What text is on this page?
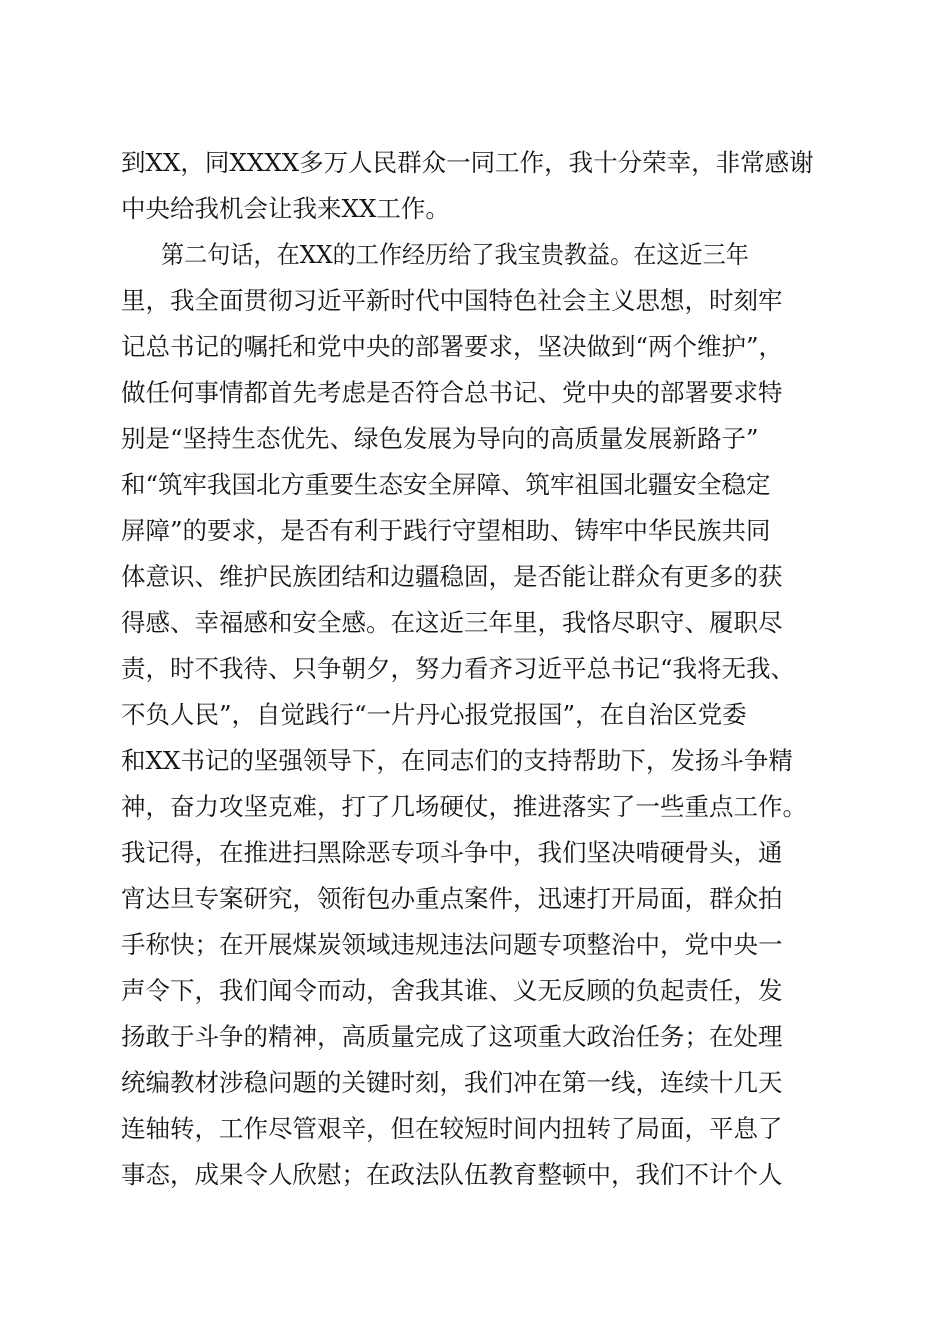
到XX，同XXXX多万人民群众一同工作，我十分荣幸，非常感谢
中央给我机会让我来XX工作。
第二句话，在XX的工作经历给了我宝贵教益。在这近三年
里，我全面贯彻习近平新时代中国特色社会主义思想，时刻牢
记总书记的嘱托和党中央的部署要求，坚决做到“两个维护”，
做任何事情都首先考虑是否符合总书记、党中央的部署要求特
别是“坚持生态优先、绿色发展为导向的高质量发展新路子”
和“筑牢我国北方重要生态安全屏障、筑牢祖国北疆安全稳定
屏障”的要求，是否有利于践行守望相助、铸牢中华民族共同
体意识、维护民族团结和边疆稳固，是否能让群众有更多的获
得感、幸福感和安全感。在这近三年里，我恪尽职守、履职尽
责，时不我待、只争朝夕，努力看齐习近平总书记“我将无我、
不负人民”，自觉践行“一片丹心报党报国”，在自治区党委
和XX书记的坚强领导下，在同志们的支持帮助下，发扬斗争精
神，奋力攻坚克难，打了几场硬仗，推进落实了一些重点工作。
我记得，在推进扫黑除恶专项斗争中，我们坚决啃硬骨头，通
宵达旦专案研究，领衔包办重点案件，迅速打开局面，群众拍
手称快；在开展煤炭领域违规违法问题专项整治中，党中央一
声令下，我们闻令而动，舍我其谁、义无反顾的负起责任，发
扬敢于斗争的精神，高质量完成了这项重大政治任务；在处理
统编教材涉稳问题的关键时刻，我们冲在第一线，连续十几天
连轴转，工作尽管艰辛，但在较短时间内扭转了局面，平息了
事态，成果令人欣慰；在政法队伍教育整顿中，我们不计个人
